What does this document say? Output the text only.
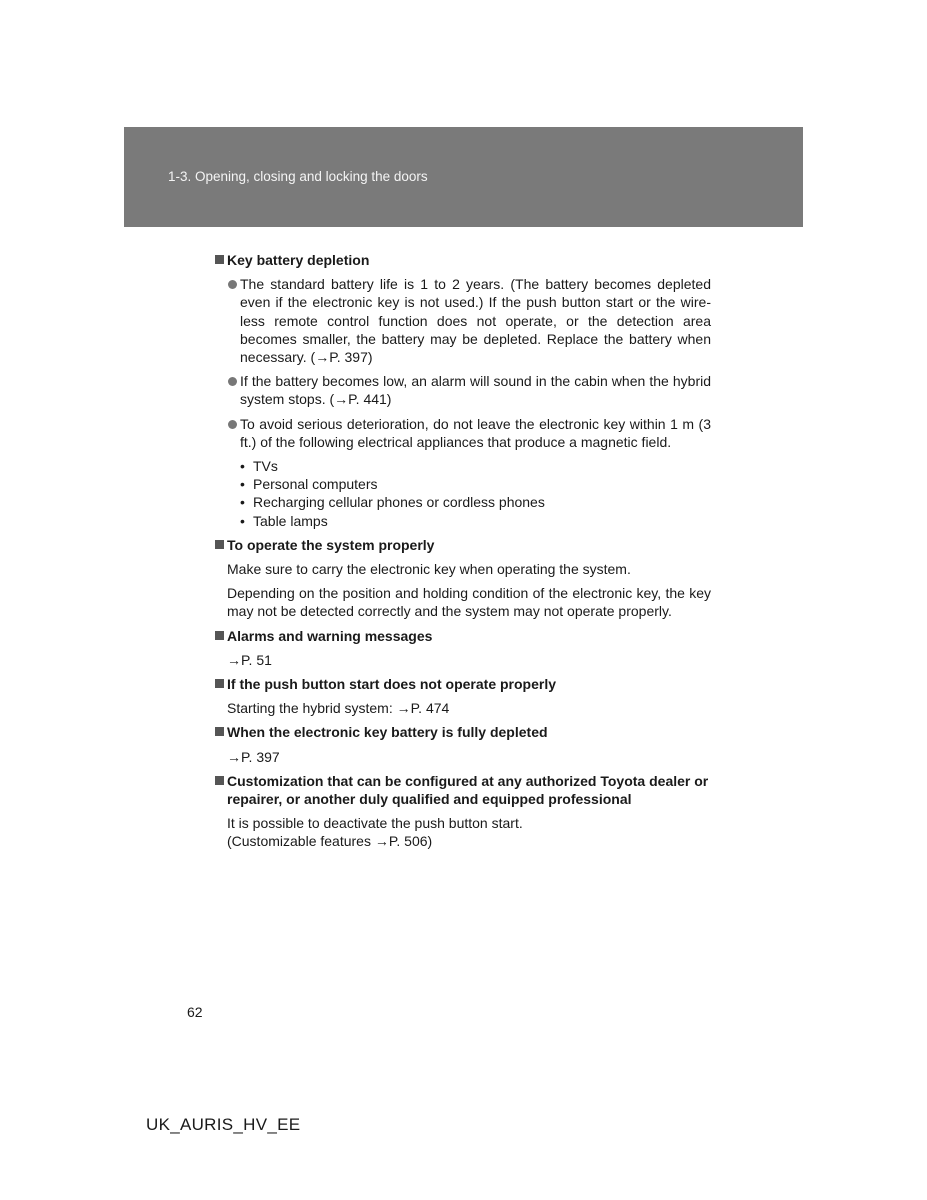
1-3. Opening, closing and locking the doors
Key battery depletion
The standard battery life is 1 to 2 years. (The battery becomes depleted even if the electronic key is not used.) If the push button start or the wire-less remote control function does not operate, or the detection area becomes smaller, the battery may be depleted. Replace the battery when necessary. (→P. 397)
If the battery becomes low, an alarm will sound in the cabin when the hybrid system stops. (→P. 441)
To avoid serious deterioration, do not leave the electronic key within 1 m (3 ft.) of the following electrical appliances that produce a magnetic field.
• TVs
• Personal computers
• Recharging cellular phones or cordless phones
• Table lamps
To operate the system properly
Make sure to carry the electronic key when operating the system.
Depending on the position and holding condition of the electronic key, the key may not be detected correctly and the system may not operate properly.
Alarms and warning messages
→P. 51
If the push button start does not operate properly
Starting the hybrid system: →P. 474
When the electronic key battery is fully depleted
→P. 397
Customization that can be configured at any authorized Toyota dealer or repairer, or another duly qualified and equipped professional
It is possible to deactivate the push button start.
(Customizable features →P. 506)
62
UK_AURIS_HV_EE
